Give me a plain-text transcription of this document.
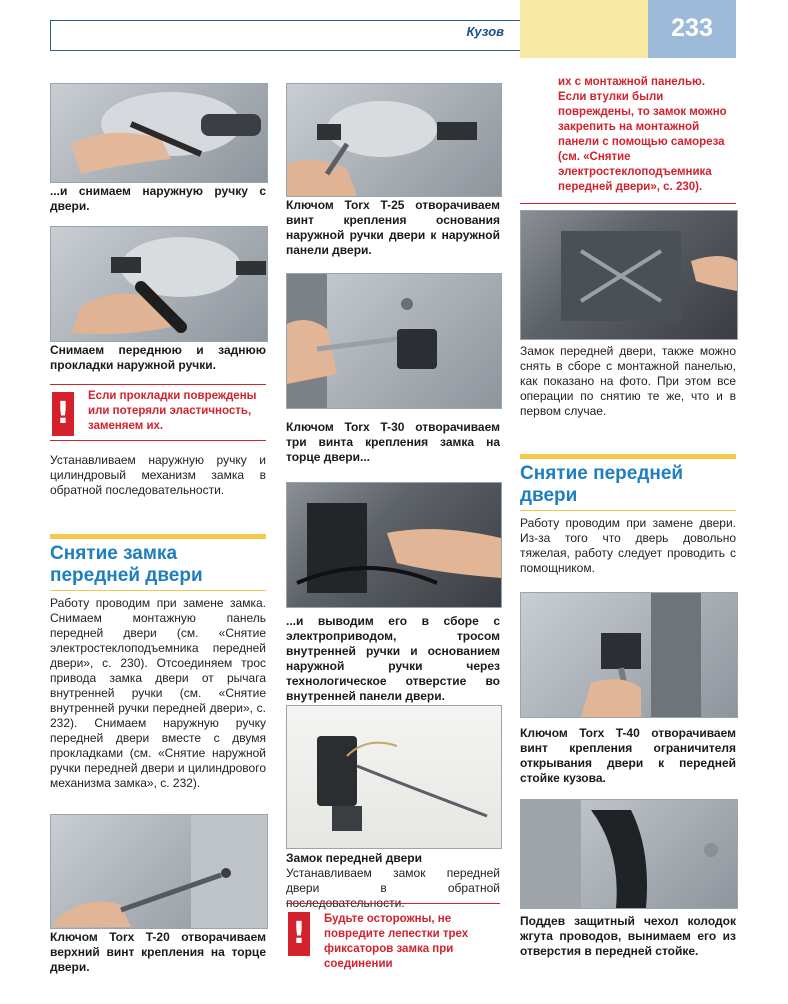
233
Кузов
...и снимаем наружную ручку с двери.
Снимаем переднюю и заднюю прокладки наружной ручки.
!	Если прокладки повреждены или потеряли эластичность, заменяем их.
Устанавливаем наружную ручку и цилиндровый механизм замка в обратной последовательности.
Снятие замка передней двери
Работу проводим при замене замка. Снимаем монтажную панель передней двери (см. «Снятие электростеклоподъемника передней двери», с. 230). Отсоединяем трос привода замка двери от рычага внутренней ручки (см. «Снятие внутренней ручки передней двери», с. 232). Снимаем наружную ручку передней двери вместе с двумя прокладками (см. «Снятие наружной ручки передней двери и цилиндрового механизма замка», с. 232).
Ключом Torx T-20 отворачиваем верхний винт крепления на торце двери.
Ключом Torx T-25 отворачиваем винт крепления основания наружной ручки двери к наружной панели двери.
Ключом Torx T-30 отворачиваем три винта крепления замка на торце двери...
...и выводим его в сборе с электроприводом, тросом внутренней ручки и основанием наружной ручки через технологическое отверстие во внутренней панели двери.
Замок передней двери
Устанавливаем замок передней двери в обратной последовательности.
!	Будьте осторожны, не повредите лепестки трех фиксаторов замка при соединении
их с монтажной панелью. Если втулки были повреждены, то замок можно закрепить на монтажной панели с помощью самореза (см. «Снятие электростеклоподъемника передней двери», с. 230).
Замок передней двери, также можно снять в сборе с монтажной панелью, как показано на фото. При этом все операции по снятию те же, что и в первом случае.
Снятие передней двери
Работу проводим при замене двери. Из-за того что дверь довольно тяжелая, работу следует проводить с помощником.
Ключом Torx T-40 отворачиваем винт крепления ограничителя открывания двери к передней стойке кузова.
Поддев защитный чехол колодок жгута проводов, вынимаем его из отверстия в передней стойке.
